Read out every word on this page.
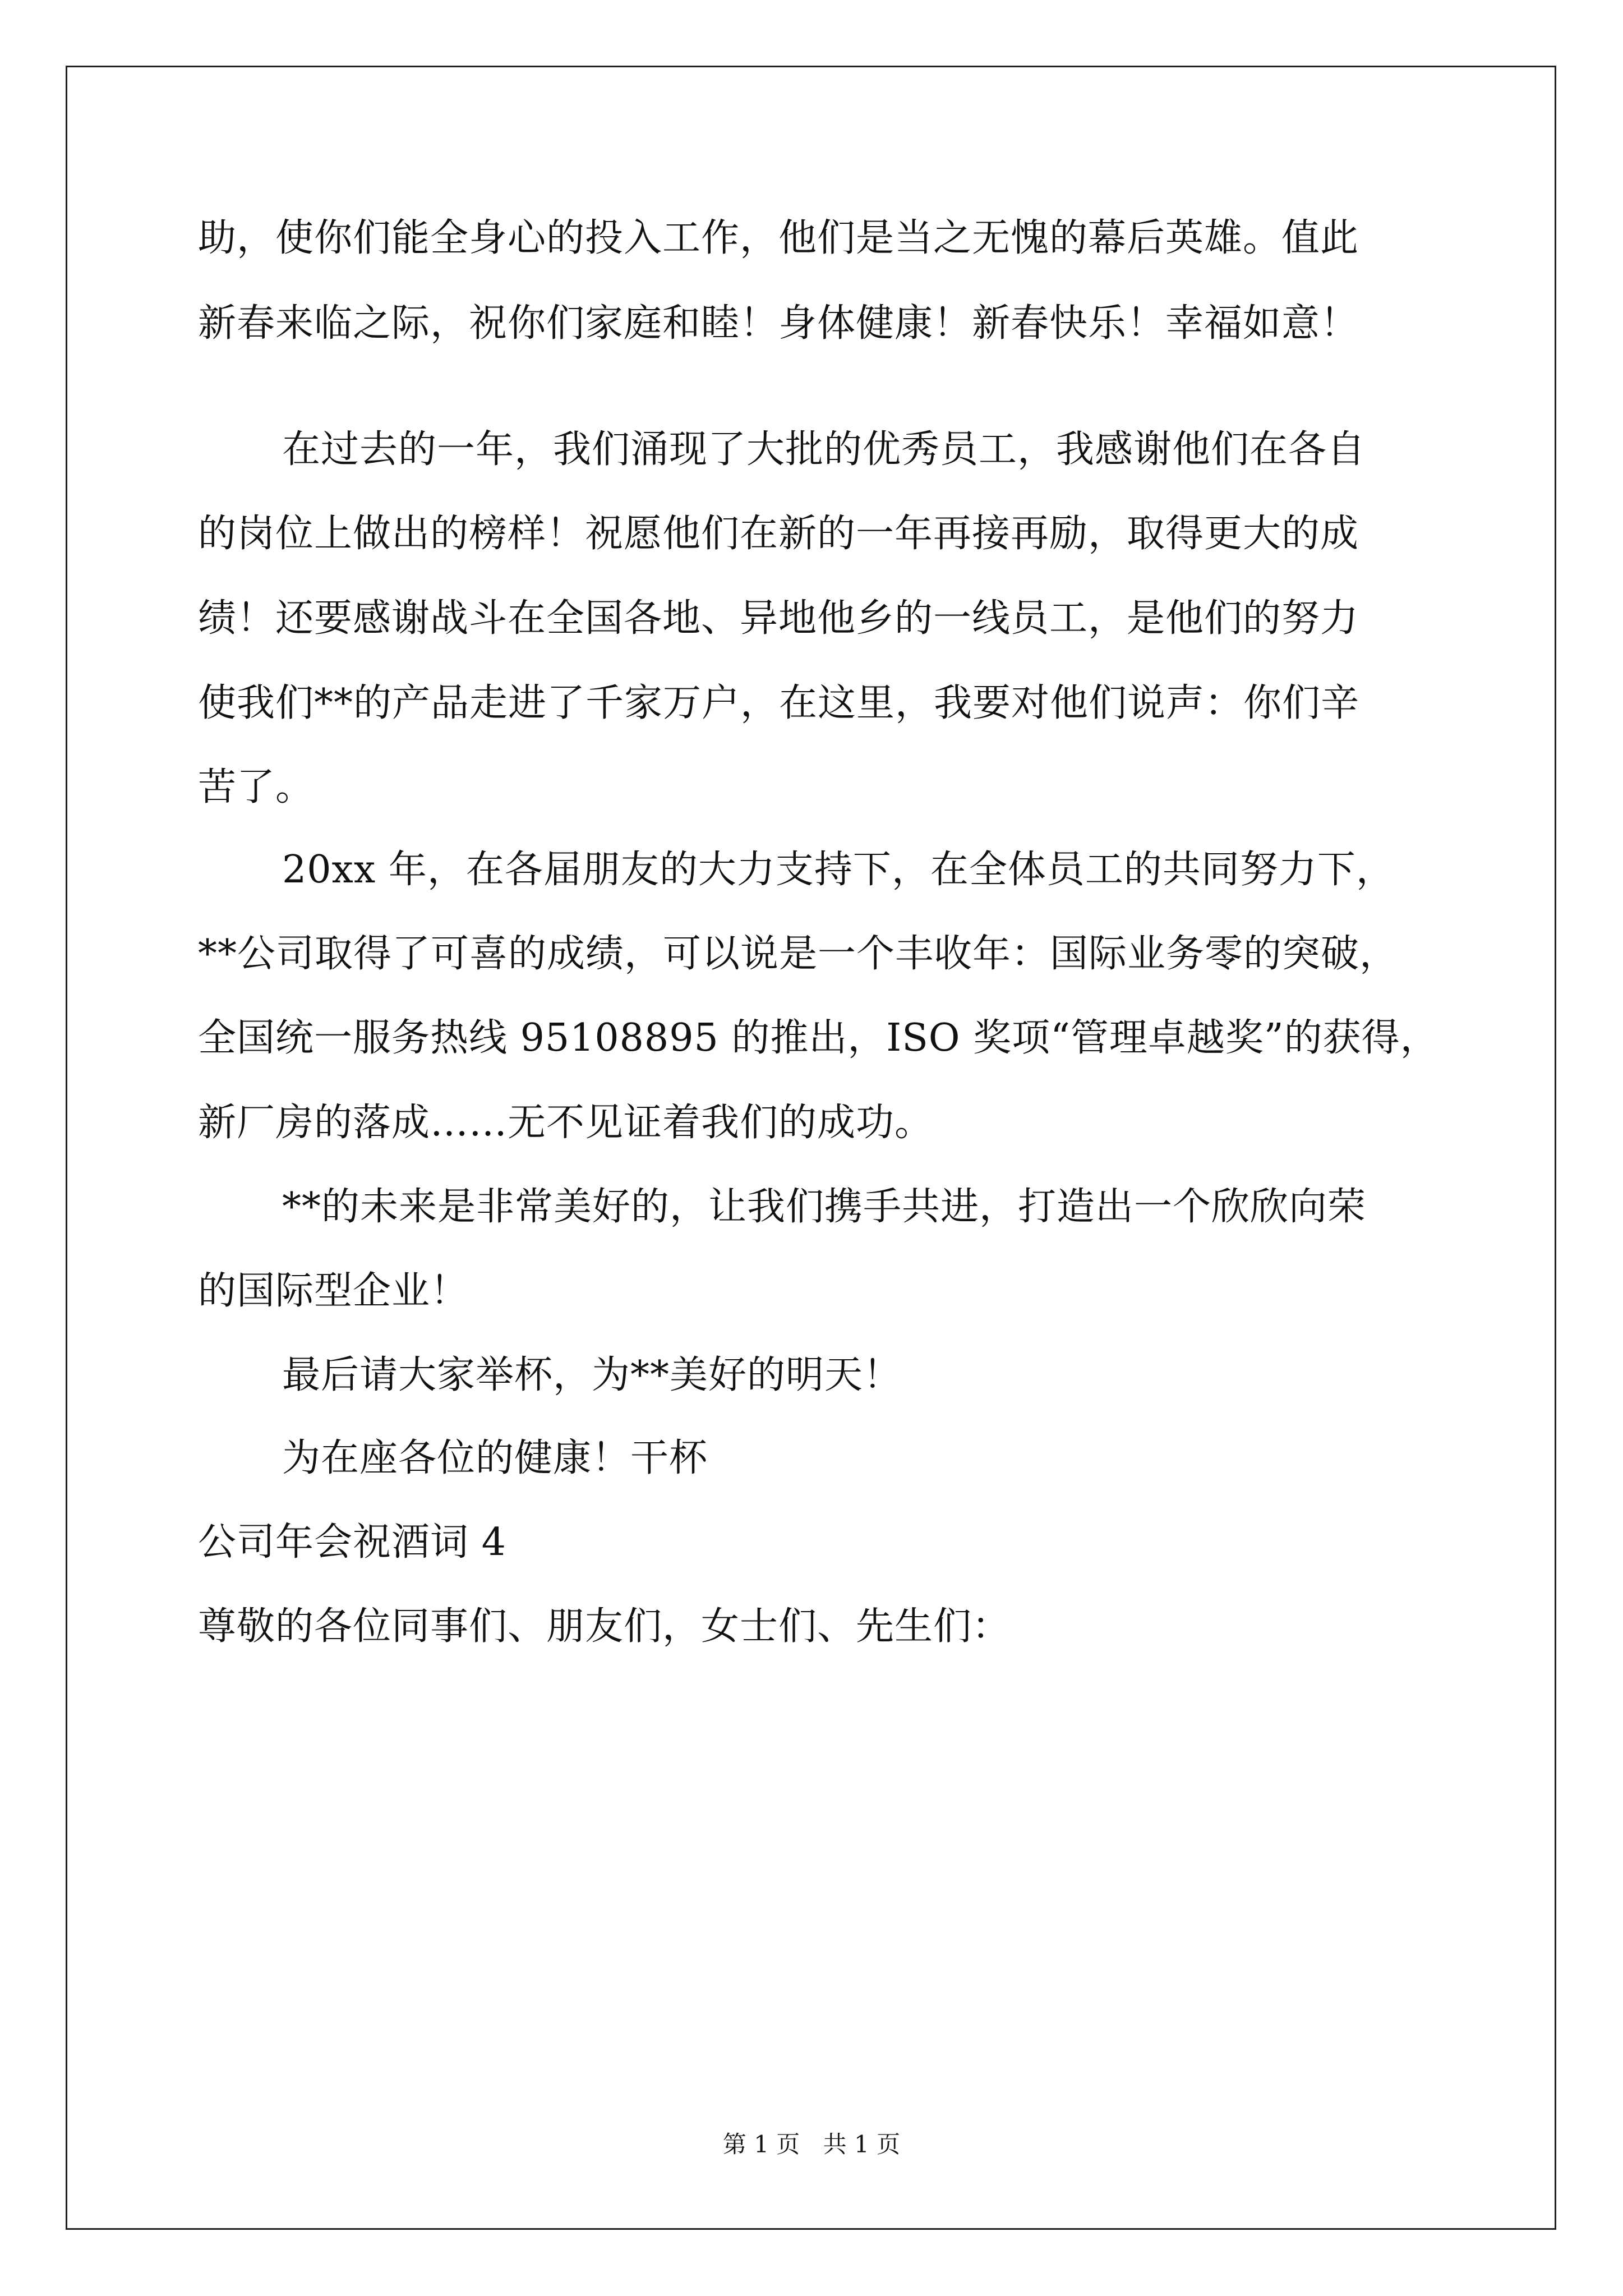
助，使你们能全身心的投入工作，他们是当之无愧的幕后英雄。值此
新春来临之际，祝你们家庭和睦！身体健康！新春快乐！幸福如意！
在过去的一年，我们涌现了大批的优秀员工，我感谢他们在各自
的岗位上做出的榜样！祝愿他们在新的一年再接再励，取得更大的成
绩！还要感谢战斗在全国各地、异地他乡的一线员工，是他们的努力
使我们**的产品走进了千家万户，在这里，我要对他们说声：你们辛
苦了。
20xx 年，在各届朋友的大力支持下，在全体员工的共同努力下，
**公司取得了可喜的成绩，可以说是一个丰收年：国际业务零的突破，
全国统一服务热线 95108895 的推出，ISO 奖项“管理卓越奖”的获得，
新厂房的落成……无不见证着我们的成功。
**的未来是非常美好的，让我们携手共进，打造出一个欣欣向荣
的国际型企业！
最后请大家举杯，为**美好的明天！
为在座各位的健康！干杯
公司年会祝酒词 4
尊敬的各位同事们、朋友们，女士们、先生们：
第 1 页 共 1 页
